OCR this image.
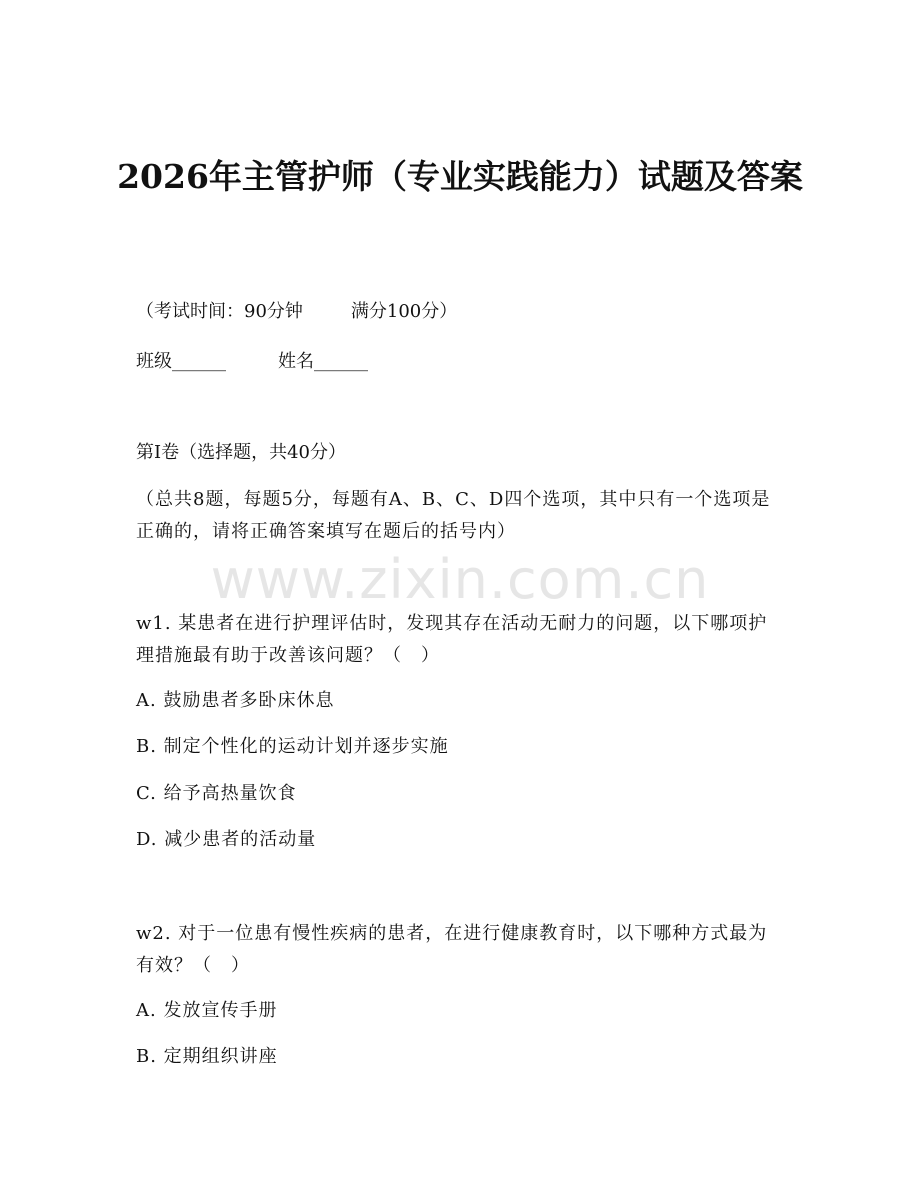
2026年主管护师（专业实践能力）试题及答案
（考试时间：90分钟	满分100分）
班级______	姓名______
第I卷（选择题，共40分）
（总共8题，每题5分，每题有A、B、C、D四个选项，其中只有一个选项是正确的，请将正确答案填写在题后的括号内）
www.zixin.com.cn
w1. 某患者在进行护理评估时，发现其存在活动无耐力的问题，以下哪项护理措施最有助于改善该问题？（　）
A. 鼓励患者多卧床休息
B. 制定个性化的运动计划并逐步实施
C. 给予高热量饮食
D. 减少患者的活动量
w2. 对于一位患有慢性疾病的患者，在进行健康教育时，以下哪种方式最为有效？（　）
A. 发放宣传手册
B. 定期组织讲座
